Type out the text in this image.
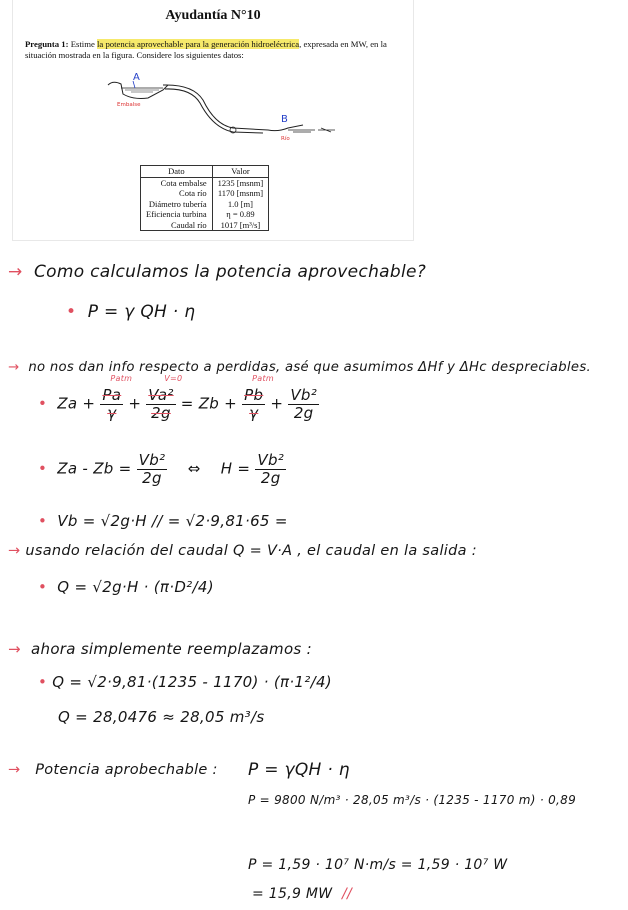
Ayudantía N°10
Pregunta 1: Estime la potencia aprovechable para la generación hidroeléctrica, expresada en MW, en la situación mostrada en la figura. Considere los siguientes datos:
A
Embalse
B
Río
Dato	Valor
Cota embalse	1235 [msnm]
Cota río	1170 [msnm]
Diámetro tubería	1.0 [m]
Eficiencia turbina	η = 0.89
Caudal río	1017 [m³/s]
→ Como calculamos la potencia aprovechable?
• P = γ QH · η
→ no nos dan info respecto a perdidas, asé que asumimos ΔHf y ΔHc despreciables.
• Za +
Patm
Pa
γ +
V=0
Va²
2g = Zb +
Patm
Pb
$\gamma + \frac{\text{Vb²}}{2g}$
• $Za - Zb = \frac{\text{Vb²}}{2g}$ ⇔ $H = \frac{\text{Vb²}}{2g}$
• Vb = √2g·H // = √2·9,81·65 =
→ usando relación del caudal Q = V·A , el caudal en la salida :
• Q = √2g·H · (π·D²/4)
→ ahora simplemente reemplazamos :
• Q = √2·9,81·(1235 - 1170) · (π·1²/4)
Q = 28,0476 ≈ 28,05 m³/s
→ Potencia aprobechable : P = γQH · η
P = 9800 N/m³ · 28,05 m³/s · (1235 - 1170 m) · 0,89
P = 1,59 · 10⁷ N·m/s = 1,59 · 10⁷ W
= 15,9 MW //
